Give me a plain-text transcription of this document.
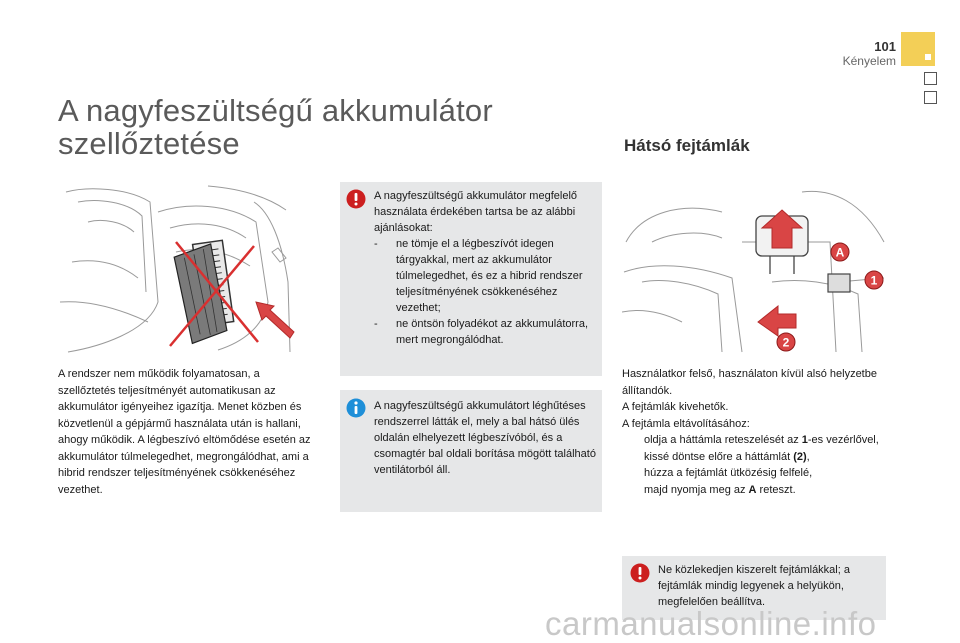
101
Kényelem
A nagyfeszültségű akkumulátor szellőztetése	Hátsó fejtámlák
A
1
2

A rendszer nem működik folyamatosan, a szellőztetés teljesítményét automatikusan az akkumulátor igényeihez igazítja. Menet közben és közvetlenül a gépjármű használata után is hallani, ahogy működik. A légbeszívó eltömődése esetén az akkumulátor túlmelegedhet, megrongálódhat, ami a hibrid rendszer teljesítményének csökkenéséhez vezethet.

A nagyfeszültségű akkumulátor megfelelő használata érdekében tartsa be az alábbi ajánlásokat:

-	ne tömje el a légbeszívót idegen tárgyakkal, mert az akkumulátor túlmelegedhet, és ez a hibrid rendszer teljesítményének csökkenéséhez vezethet;
-	ne öntsön folyadékot az akkumulátorra, mert megrongálódhat.

A nagyfeszültségű akkumulátort léghűtéses rendszerrel látták el, mely a bal hátsó ülés oldalán elhelyezett légbeszívóból, és a csomagtér bal oldali borítása mögött található ventilátorból áll.

Használatkor felső, használaton kívül alsó helyzetbe állítandók.

A fejtámlák kivehetők.

A fejtámla eltávolításához:

oldja a háttámla reteszelését az 1-es vezérlővel,
kissé döntse előre a háttámlát (2),
húzza a fejtámlát ütközésig felfelé,
majd nyomja meg az A reteszt.

Ne közlekedjen kiszerelt fejtámlákkal; a fejtámlák mindig legyenek a helyükön, megfelelően beállítva.

carmanualsonline.info
